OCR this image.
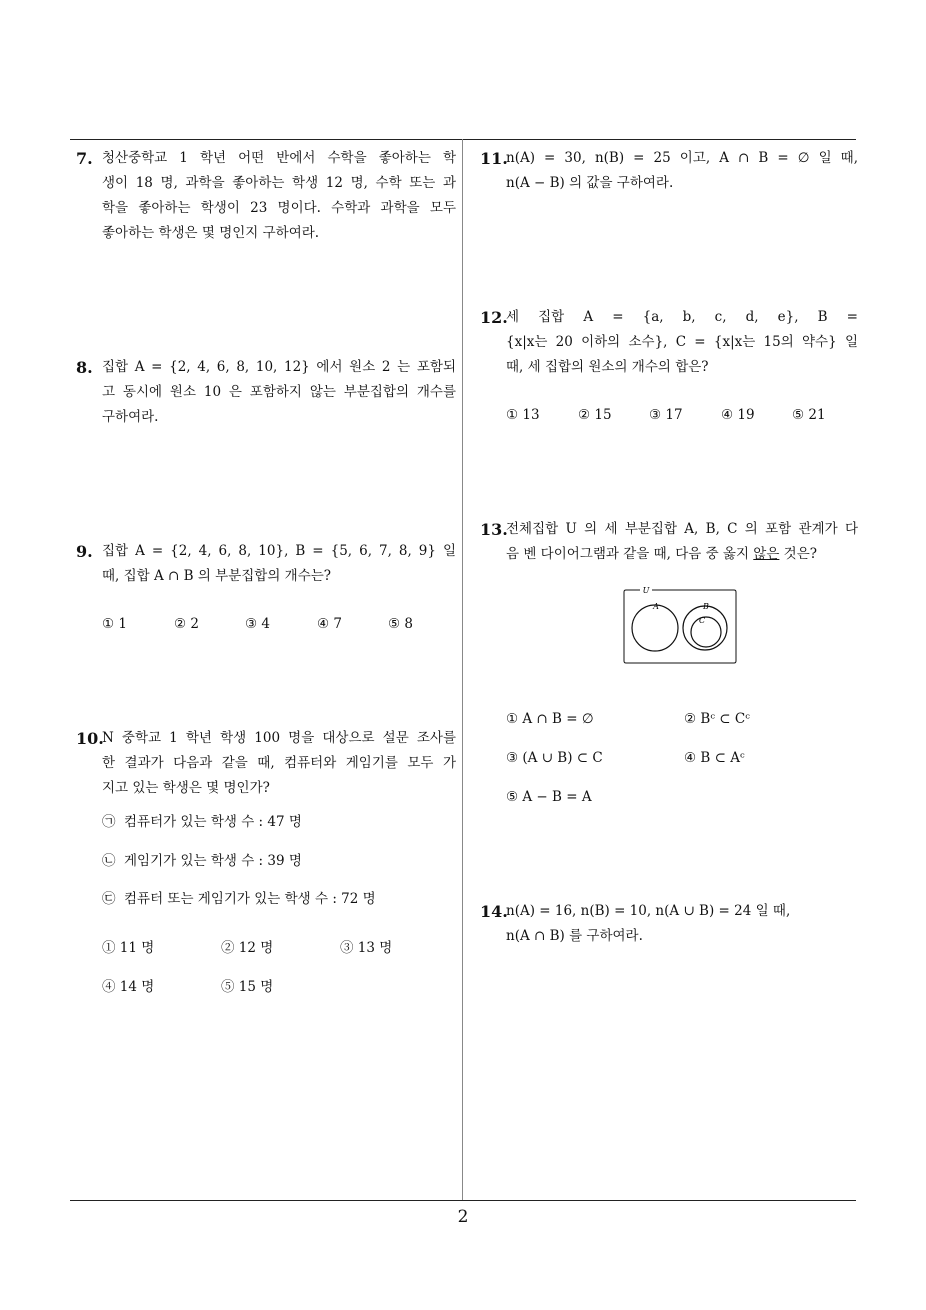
2
7. 청산중학교 1 학년 어떤 반에서 수학을 좋아하는 학
생이 18 명, 과학을 좋아하는 학생 12 명, 수학 또는 과
학을 좋아하는 학생이 23 명이다. 수학과 과학을 모두
좋아하는 학생은 몇 명인지 구하여라.
8. 집합 A = {2, 4, 6, 8, 10, 12} 에서 원소 2 는 포함되
고 동시에 원소 10 은 포함하지 않는 부분집합의 개수를
구하여라.
9. 집합 A = {2, 4, 6, 8, 10}, B = {5, 6, 7, 8, 9} 일
때, 집합 A ∩ B 의 부분집합의 개수는?
① 1	② 2	③ 4	④ 7	⑤ 8
10.
N 중학교 1 학년 학생 100 명을 대상으로 설문 조사를
한 결과가 다음과 같을 때, 컴퓨터와 게임기를 모두 가
지고 있는 학생은 몇 명인가?
㉠ 컴퓨터가 있는 학생 수 : 47 명
㉡ 게임기가 있는 학생 수 : 39 명
㉢ 컴퓨터 또는 게임기가 있는 학생 수 : 72 명
① 11 명	② 12 명	③ 13 명
④ 14 명	⑤ 15 명
11.
n(A) = 30, n(B) = 25 이고, A ∩ B = ∅ 일 때,
n(A − B) 의 값을 구하여라.
12.
세 집합 A = {a, b, c, d, e}, B =
{x|x는 20 이하의 소수}, C = {x|x는 15의 약수} 일
때, 세 집합의 원소의 개수의 합은?
① 13	② 15	③ 17	④ 19	⑤ 21
13.
전체집합 U 의 세 부분집합 A, B, C 의 포함 관계가 다
음 벤 다이어그램과 같을 때, 다음 중 옳지 않은 것은?
U
A	B
C
① A ∩ B = ∅	② Bᶜ ⊂ Cᶜ
③ (A ∪ B) ⊂ C	④ B ⊂ Aᶜ
⑤ A − B = A
14.
n(A) = 16, n(B) = 10, n(A ∪ B) = 24 일 때,
n(A ∩ B) 를 구하여라.
